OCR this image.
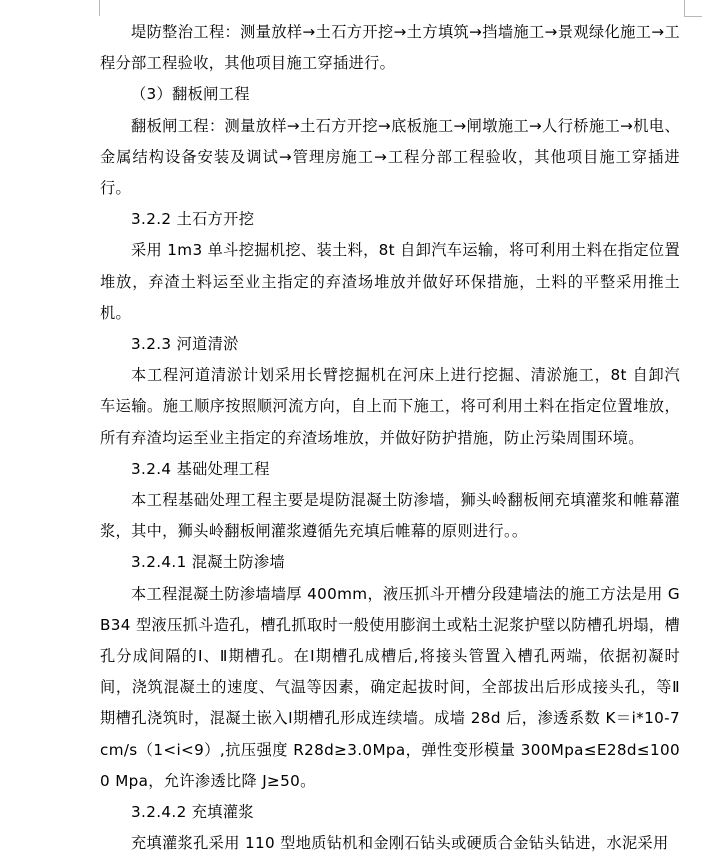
堤防整治工程：测量放样→土石方开挖→土方填筑→挡墙施工→景观绿化施工→工程分部工程验收，其他项目施工穿插进行。

（3）翻板闸工程

翻板闸工程：测量放样→土石方开挖→底板施工→闸墩施工→人行桥施工→机电、金属结构设备安装及调试→管理房施工→工程分部工程验收，其他项目施工穿插进行。

3.2.2 土石方开挖

采用 1m3 单斗挖掘机挖、装土料，8t 自卸汽车运输，将可利用土料在指定位置堆放，弃渣土料运至业主指定的弃渣场堆放并做好环保措施，土料的平整采用推土机。

3.2.3 河道清淤

本工程河道清淤计划采用长臂挖掘机在河床上进行挖掘、清淤施工，8t 自卸汽车运输。施工顺序按照顺河流方向，自上而下施工，将可利用土料在指定位置堆放，所有弃渣均运至业主指定的弃渣场堆放，并做好防护措施，防止污染周围环境。

3.2.4 基础处理工程

本工程基础处理工程主要是堤防混凝土防渗墙，狮头岭翻板闸充填灌浆和帷幕灌浆，其中，狮头岭翻板闸灌浆遵循先充填后帷幕的原则进行。。

3.2.4.1 混凝土防渗墙

本工程混凝土防渗墙墙厚 400mm，液压抓斗开槽分段建墙法的施工方法是用 GB34 型液压抓斗造孔，槽孔抓取时一般使用膨润土或粘土泥浆护壁以防槽孔坍塌，槽孔分成间隔的Ⅰ、Ⅱ期槽孔。在Ⅰ期槽孔成槽后,将接头管置入槽孔两端，依据初凝时间，浇筑混凝土的速度、气温等因素，确定起拔时间，全部拔出后形成接头孔，等Ⅱ期槽孔浇筑时，混凝土嵌入Ⅰ期槽孔形成连续墙。成墙 28d 后，渗透系数 K＝i*10-7cm/s（1<i<9）,抗压强度 R28d≥3.0Mpa，弹性变形模量 300Mpa≤E28d≤1000 Mpa，允许渗透比降 J≥50。

3.2.4.2 充填灌浆

充填灌浆孔采用 110 型地质钻机和金刚石钻头或硬质合金钻头钻进，水泥采用
